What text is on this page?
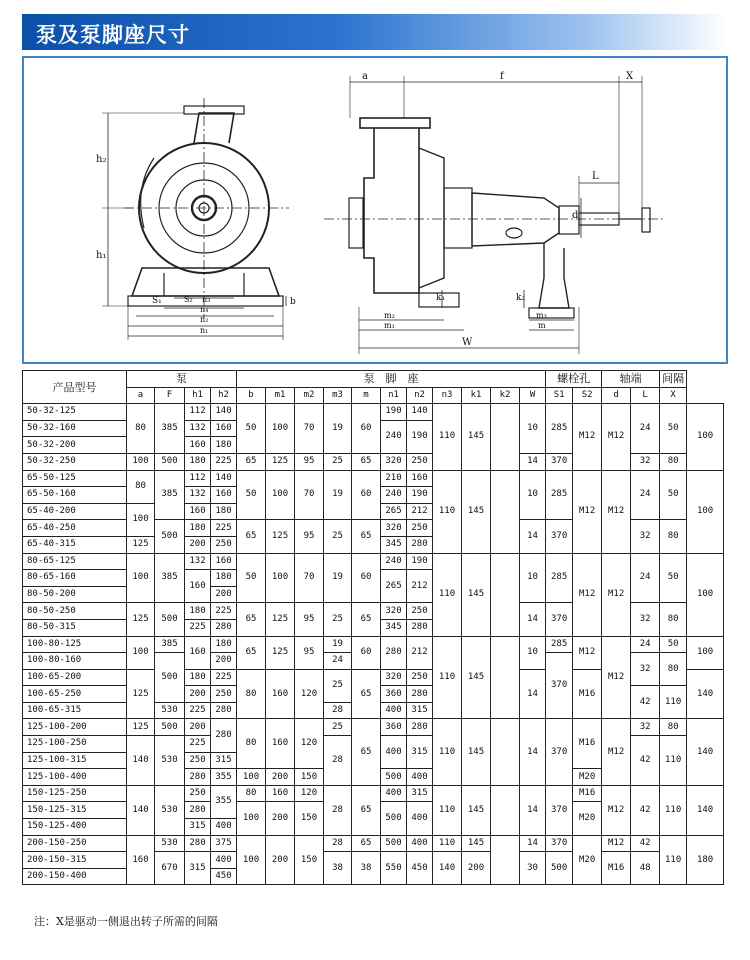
泵及泵脚座尺寸
h₂
h₁
S₁	S₂ n₃
n₄
n₂
n₁
b
a	f	X
L
d
k₁	k₂
m₂
m₁
m₃
m
W
产品型号	泵				泵　脚　座											螺栓孔		轴端		间隔	
	a	F	h1	h2	b	m1	m2	m3	m	n1	n2	n3	k1	k2	W	S1	S2	d	L	X	
50-32-125	80	385	112	140	50	100	70	19	60	190	140	110	145		10	285	M12	M12	24	50	100
50-32-160			132	160						240	190										
50-32-200			160	180																	
50-32-250	100	500	180	225	65	125	95	25	65	320	250				14	370			32	80	
65-50-125	80	385	112	140	50	100	70	19	60	210	160	110	145		10	285	M12	M12	24	50	100
65-50-160			132	160						240	190										
65-40-200	100		160	180						265	212										
65-40-250		500	180	225	65	125	95	25	65	320	250				14	370			32	80	
65-40-315	125		200	250						345	280										
80-65-125	100	385	132	160	50	100	70	19	60	240	190	110	145		10	285	M12	M12	24	50	100
80-65-160			160	180						265	212										
80-50-200				200																	
80-50-250	125	500	180	225	65	125	95	25	65	320	250				14	370			32	80	
80-50-315			225	280						345	280										
100-80-125	100	385	160	180	65	125	95	19	60	280	212	110	145		10	285	M12	M12	24	50	100
100-80-160		500		200				24								370			32	80	
100-65-200	125		180	225	80	160	120	25	65	320	250				14		M16				140
100-65-250			200	250						360	280								42	110	
100-65-315		530	225	280				28		400	315										
125-100-200	125	500	200	280	80	160	120	25	65	360	280	110	145		14	370	M16	M12	32	80	140
125-100-250	140	530	225					28		400	315								42	110	
125-100-315			250	315																	
125-100-400			280	355	100	200	150			500	400						M20				
150-125-250	140	530	250	355	80	160	120	28	65	400	315	110	145		14	370	M16	M12	42	110	140
150-125-315			280		100	200	150			500	400						M20				
150-125-400			315	400																	
200-150-250	160	530	280	375	100	200	150	28	65	500	400	110	145		14	370	M20	M12	42	110	180
200-150-315		670	315	400				38	38	550	450	140	200		30	500		M16	48		
200-150-400				450																	
注：X是驱动一侧退出转子所需的间隔
